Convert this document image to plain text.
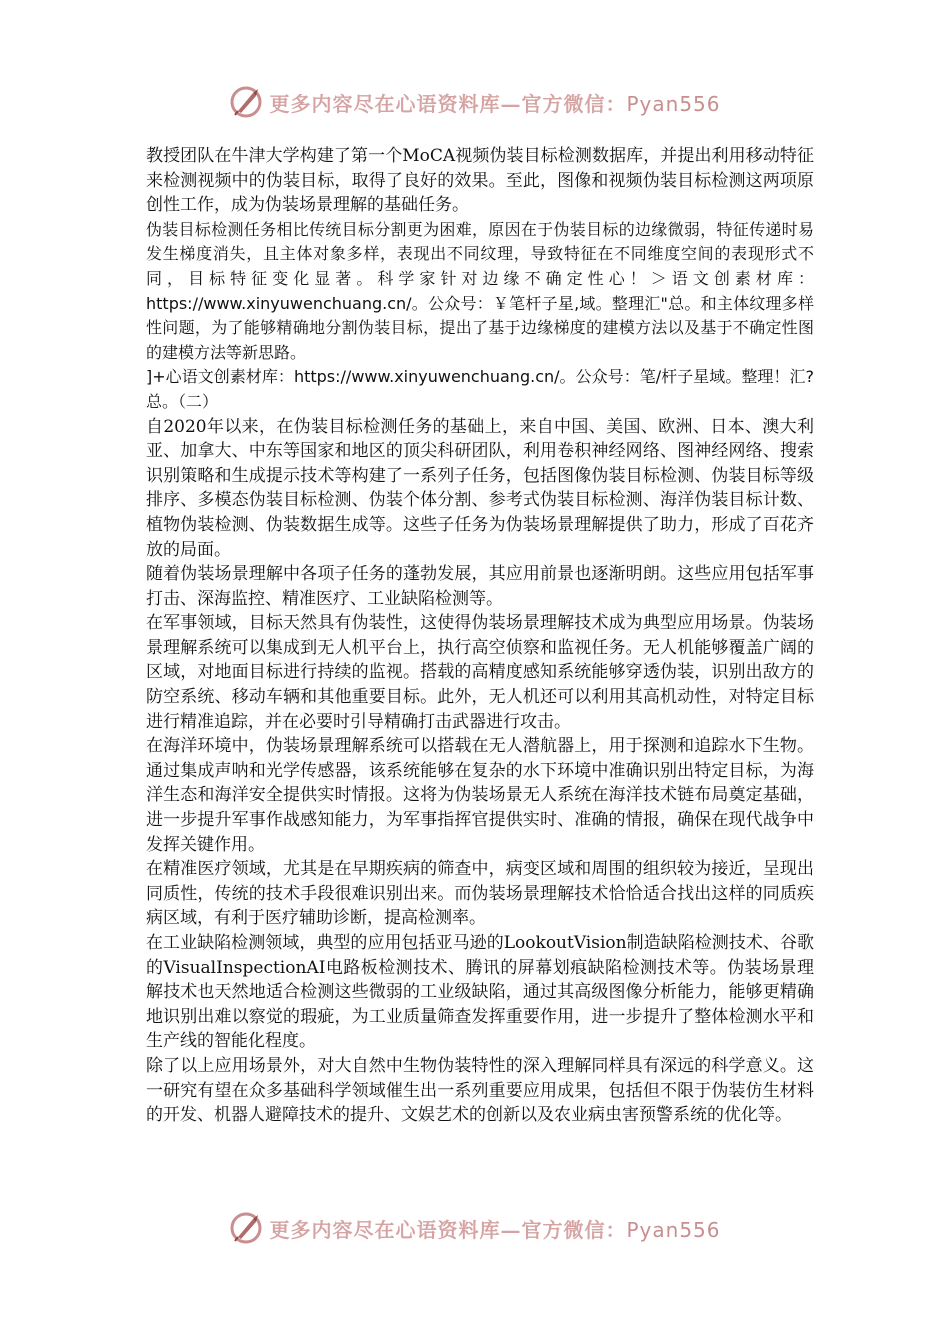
更多内容尽在心语资料库—官方微信：Pyan556

教授团队在牛津大学构建了第一个MoCA视频伪装目标检测数据库，并提出利用移动特征来检测视频中的伪装目标，取得了良好的效果。至此，图像和视频伪装目标检测这两项原创性工作，成为伪装场景理解的基础任务。

伪装目标检测任务相比传统目标分割更为困难，原因在于伪装目标的边缘微弱，特征传递时易发生梯度消失，且主体对象多样，表现出不同纹理，导致特征在不同维度空间的表现形式不同，目标特征变化显著。科学家针对边缘不确定性心！＞语文创素材库：https://www.xinyuwenchuang.cn/。公众号：￥笔杆子星,域。整理汇"总。和主体纹理多样性问题，为了能够精确地分割伪装目标，提出了基于边缘梯度的建模方法以及基于不确定性图的建模方法等新思路。

]+心语文创素材库：https://www.xinyuwenchuang.cn/。公众号：笔/杆子星域。整理！汇?总。（二）

自2020年以来，在伪装目标检测任务的基础上，来自中国、美国、欧洲、日本、澳大利亚、加拿大、中东等国家和地区的顶尖科研团队，利用卷积神经网络、图神经网络、搜索识别策略和生成提示技术等构建了一系列子任务，包括图像伪装目标检测、伪装目标等级排序、多模态伪装目标检测、伪装个体分割、参考式伪装目标检测、海洋伪装目标计数、植物伪装检测、伪装数据生成等。这些子任务为伪装场景理解提供了助力，形成了百花齐放的局面。

随着伪装场景理解中各项子任务的蓬勃发展，其应用前景也逐渐明朗。这些应用包括军事打击、深海监控、精准医疗、工业缺陷检测等。

在军事领域，目标天然具有伪装性，这使得伪装场景理解技术成为典型应用场景。伪装场景理解系统可以集成到无人机平台上，执行高空侦察和监视任务。无人机能够覆盖广阔的区域，对地面目标进行持续的监视。搭载的高精度感知系统能够穿透伪装，识别出敌方的防空系统、移动车辆和其他重要目标。此外，无人机还可以利用其高机动性，对特定目标进行精准追踪，并在必要时引导精确打击武器进行攻击。

在海洋环境中，伪装场景理解系统可以搭载在无人潜航器上，用于探测和追踪水下生物。通过集成声呐和光学传感器，该系统能够在复杂的水下环境中准确识别出特定目标，为海洋生态和海洋安全提供实时情报。这将为伪装场景无人系统在海洋技术链布局奠定基础，进一步提升军事作战感知能力，为军事指挥官提供实时、准确的情报，确保在现代战争中发挥关键作用。

在精准医疗领域，尤其是在早期疾病的筛查中，病变区域和周围的组织较为接近，呈现出同质性，传统的技术手段很难识别出来。而伪装场景理解技术恰恰适合找出这样的同质疾病区域，有利于医疗辅助诊断，提高检测率。

在工业缺陷检测领域，典型的应用包括亚马逊的LookoutVision制造缺陷检测技术、谷歌的VisualInspectionAI电路板检测技术、腾讯的屏幕划痕缺陷检测技术等。伪装场景理解技术也天然地适合检测这些微弱的工业级缺陷，通过其高级图像分析能力，能够更精确地识别出难以察觉的瑕疵，为工业质量筛查发挥重要作用，进一步提升了整体检测水平和生产线的智能化程度。

除了以上应用场景外，对大自然中生物伪装特性的深入理解同样具有深远的科学意义。这一研究有望在众多基础科学领域催生出一系列重要应用成果，包括但不限于伪装仿生材料的开发、机器人避障技术的提升、文娱艺术的创新以及农业病虫害预警系统的优化等。

更多内容尽在心语资料库—官方微信：Pyan556
